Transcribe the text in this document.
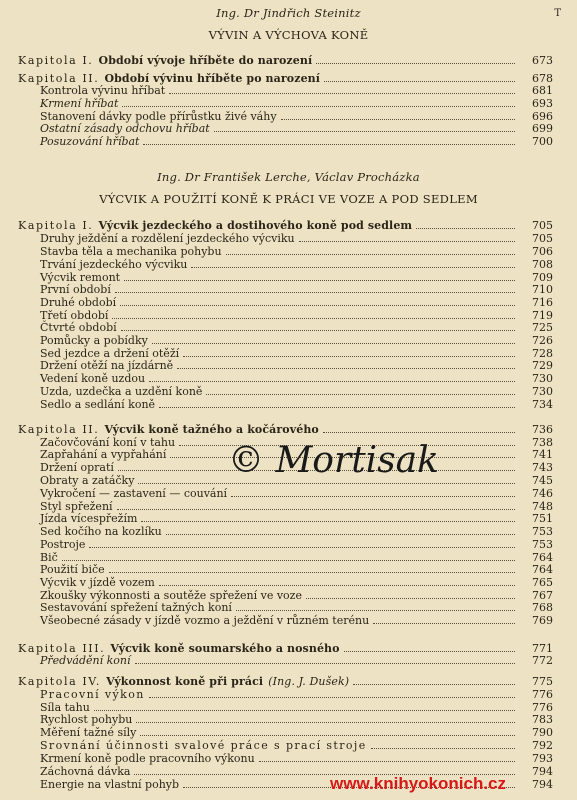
T
Ing. Dr Jindřich Steinitz
VÝVIN A VÝCHOVA KONĚ
Ing. Dr František Lerche, Václav Procházka
VÝCVIK A POUŽITÍ KONĚ K PRÁCI VE VOZE A POD SEDLEM
Kapitola I. Období vývoje hříběte do narození	673
Kapitola II. Období vývinu hříběte po narození	678
Kontrola vývinu hříbat	681
Krmení hříbat	693
Stanovení dávky podle přírůstku živé váhy	696
Ostatní zásady odchovu hříbat	699
Posuzování hříbat	700
Kapitola I. Výcvik jezdeckého a dostihového koně pod sedlem	705
Druhy ježdění a rozdělení jezdeckého výcviku	705
Stavba těla a mechanika pohybu	706
Trvání jezdeckého výcviku	708
Výcvik remont	709
První období	710
Druhé období	716
Třetí období	719
Čtvrté období	725
Pomůcky a pobídky	726
Sed jezdce a držení otěží	728
Držení otěží na jízdárně	729
Vedení koně uzdou	730
Uzda, uzdečka a uzdění koně	730
Sedlo a sedlání koně	734
Kapitola II. Výcvik koně tažného a kočárového	736
Začovčování koní v tahu	738
Zapřahání a vypřahání	741
Držení opratí	743
Obraty a zatáčky	745
Vykročení — zastavení — couvání	746
Styl spřežení	748
Jízda vícespřežím	751
Sed kočího na kozlíku	753
Postroje	753
Bič	764
Použití biče	764
Výcvik v jízdě vozem	765
Zkoušky výkonnosti a soutěže spřežení ve voze	767
Sestavování spřežení tažných koní	768
Všeobecné zásady v jízdě vozmo a ježdění v různém terénu	769
Kapitola III. Výcvik koně soumarského a nosného	771
Předvádění koní	772
Kapitola IV. Výkonnost koně při práci (Ing. J. Dušek)	775
Pracovní výkon	776
Síla tahu	776
Rychlost pohybu	783
Měření tažné síly	790
Srovnání účinnosti svalové práce s prací stroje	792
Krmení koně podle pracovního výkonu	793
Záchovná dávka	794
Energie na vlastní pohyb	794
© Mortisak
www.knihyokonich.cz
